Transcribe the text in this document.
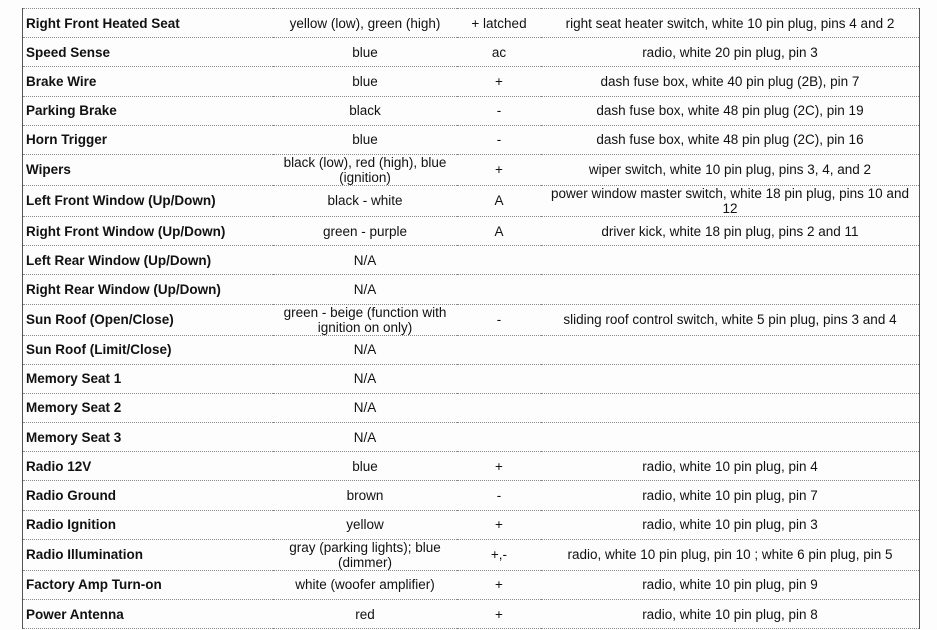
Right Front Heated Seat	yellow (low), green (high)	+ latched	right seat heater switch, white 10 pin plug, pins 4 and 2
Speed Sense	blue	ac	radio, white 20 pin plug, pin 3
Brake Wire	blue	+	dash fuse box, white 40 pin plug (2B), pin 7
Parking Brake	black	-	dash fuse box, white 48 pin plug (2C), pin 19
Horn Trigger	blue	-	dash fuse box, white 48 pin plug (2C), pin 16
Wipers	black (low), red (high), blue (ignition)	+	wiper switch, white 10 pin plug, pins 3, 4, and 2
Left Front Window (Up/Down)	black - white	A	power window master switch, white 18 pin plug, pins 10 and 12
Right Front Window (Up/Down)	green - purple	A	driver kick, white 18 pin plug, pins 2 and 11
Left Rear Window (Up/Down)	N/A		
Right Rear Window (Up/Down)	N/A		
Sun Roof (Open/Close)	green - beige (function with ignition on only)	-	sliding roof control switch, white 5 pin plug, pins 3 and 4
Sun Roof (Limit/Close)	N/A		
Memory Seat 1	N/A		
Memory Seat 2	N/A		
Memory Seat 3	N/A		
Radio 12V	blue	+	radio, white 10 pin plug, pin 4
Radio Ground	brown	-	radio, white 10 pin plug, pin 7
Radio Ignition	yellow	+	radio, white 10 pin plug, pin 3
Radio Illumination	gray (parking lights); blue (dimmer)	+,-	radio, white 10 pin plug, pin 10 ; white 6 pin plug, pin 5
Factory Amp Turn-on	white (woofer amplifier)	+	radio, white 10 pin plug, pin 9
Power Antenna	red	+	radio, white 10 pin plug, pin 8
